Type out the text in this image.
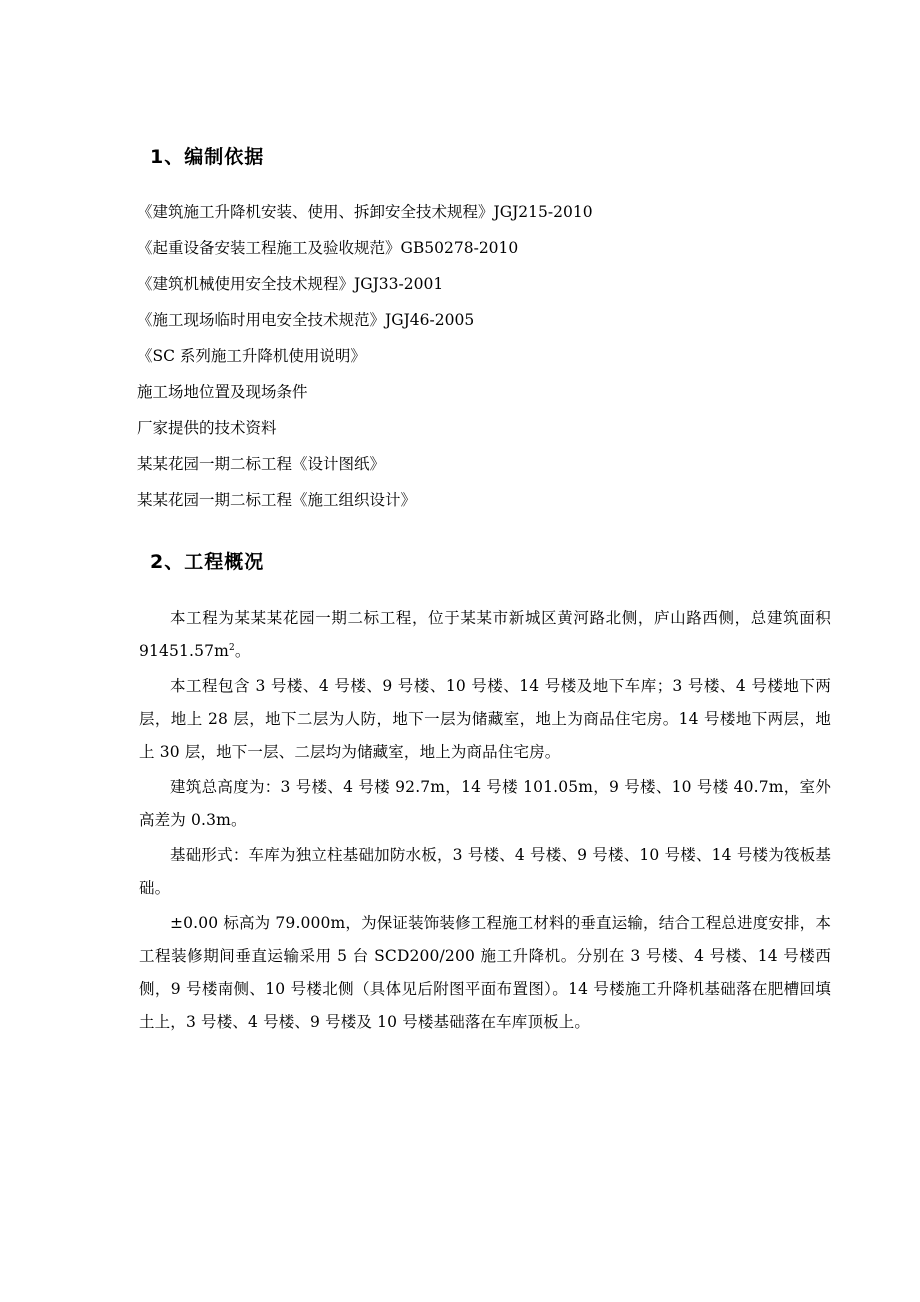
1、编制依据
《建筑施工升降机安装、使用、拆卸安全技术规程》JGJ215-2010
《起重设备安装工程施工及验收规范》GB50278-2010
《建筑机械使用安全技术规程》JGJ33-2001
《施工现场临时用电安全技术规范》JGJ46-2005
《SC 系列施工升降机使用说明》
施工场地位置及现场条件
厂家提供的技术资料
某某花园一期二标工程《设计图纸》
某某花园一期二标工程《施工组织设计》
2、工程概况

本工程为某某某花园一期二标工程，位于某某市新城区黄河路北侧，庐山路西侧，总建筑面积 $91451.57m^2$。

本工程包含 3 号楼、4 号楼、9 号楼、10 号楼、14 号楼及地下车库；3 号楼、4 号楼地下两层，地上 28 层，地下二层为人防，地下一层为储藏室，地上为商品住宅房。14 号楼地下两层，地上 30 层，地下一层、二层均为储藏室，地上为商品住宅房。

建筑总高度为：3 号楼、4 号楼 92.7m，14 号楼 101.05m，9 号楼、10 号楼 40.7m，室外高差为 0.3m。

基础形式：车库为独立柱基础加防水板，3 号楼、4 号楼、9 号楼、10 号楼、14 号楼为筏板基础。

±0.00 标高为 79.000m，为保证装饰装修工程施工材料的垂直运输，结合工程总进度安排，本工程装修期间垂直运输采用 5 台 SCD200/200 施工升降机。分别在 3 号楼、4 号楼、14 号楼西侧，9 号楼南侧、10 号楼北侧（具体见后附图平面布置图）。14 号楼施工升降机基础落在肥槽回填土上，3 号楼、4 号楼、9 号楼及 10 号楼基础落在车库顶板上。
